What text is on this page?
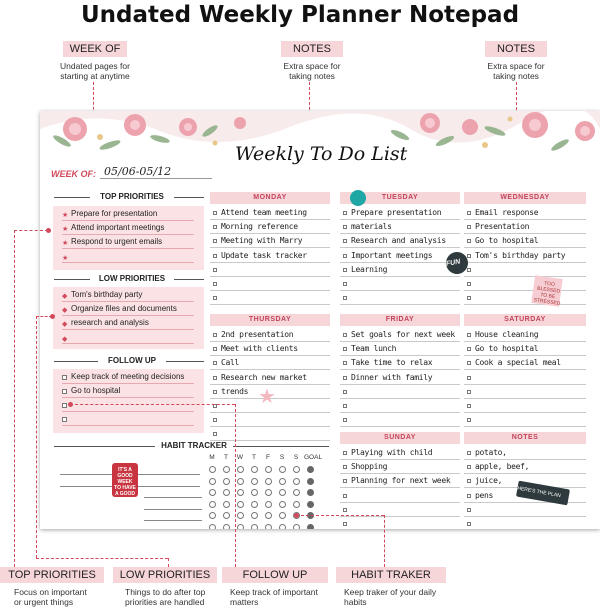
Undated Weekly Planner Notepad
WEEK OF
Undated pages for
starting at anytime
NOTES
Extra space for
taking notes
NOTES
Extra space for
taking notes
Weekly To Do List
WEEK OF: 05/06-05/12
TOP PRIORITIES
★ Prepare for presentation
★ Attend important meetings
★ Respond to urgent emails
★
LOW PRIORITIES
◆ Tom's birthday party
◆ Organize files and documents
◆ research and analysis
◆
FOLLOW UP
Keep track of meeting decisions
Go to hospital
HABIT TRACKER
M	T	W	T	F	S	S GOAL
IT'S A GOOD WEEK TO HAVE A GOOD WEEK
MONDAY
Attend team meeting
Morning reference
Meeting with Marry
Update task tracker
TUESDAY
Prepare presentation
materials
Research and analysis
Important meetings
Learning
WEDNESDAY
Email response
Presentation
Go to hospital
Tom's birthday party
THURSDAY
2nd presentation
Meet with clients
Call
Research new market
trends
FRIDAY
Set goals for next week
Team lunch
Take time to relax
Dinner with family
SATURDAY
House cleaning
Go to hospital
Cook a special meal
SUNDAY
Playing with child
Shopping
Planning for next week
NOTES
potato,
apple, beef,
juice,
pens
FUN
TOO BLESSED TO BE STRESSED
★
HERE'S THE PLAN
TOP PRIORITIES
Focus on important
or urgent things
LOW PRIORITIES
Things to do after top
priorities are handled
FOLLOW UP
Keep track of important
matters
HABIT TRAKER
Keep traker of your daily
habits
